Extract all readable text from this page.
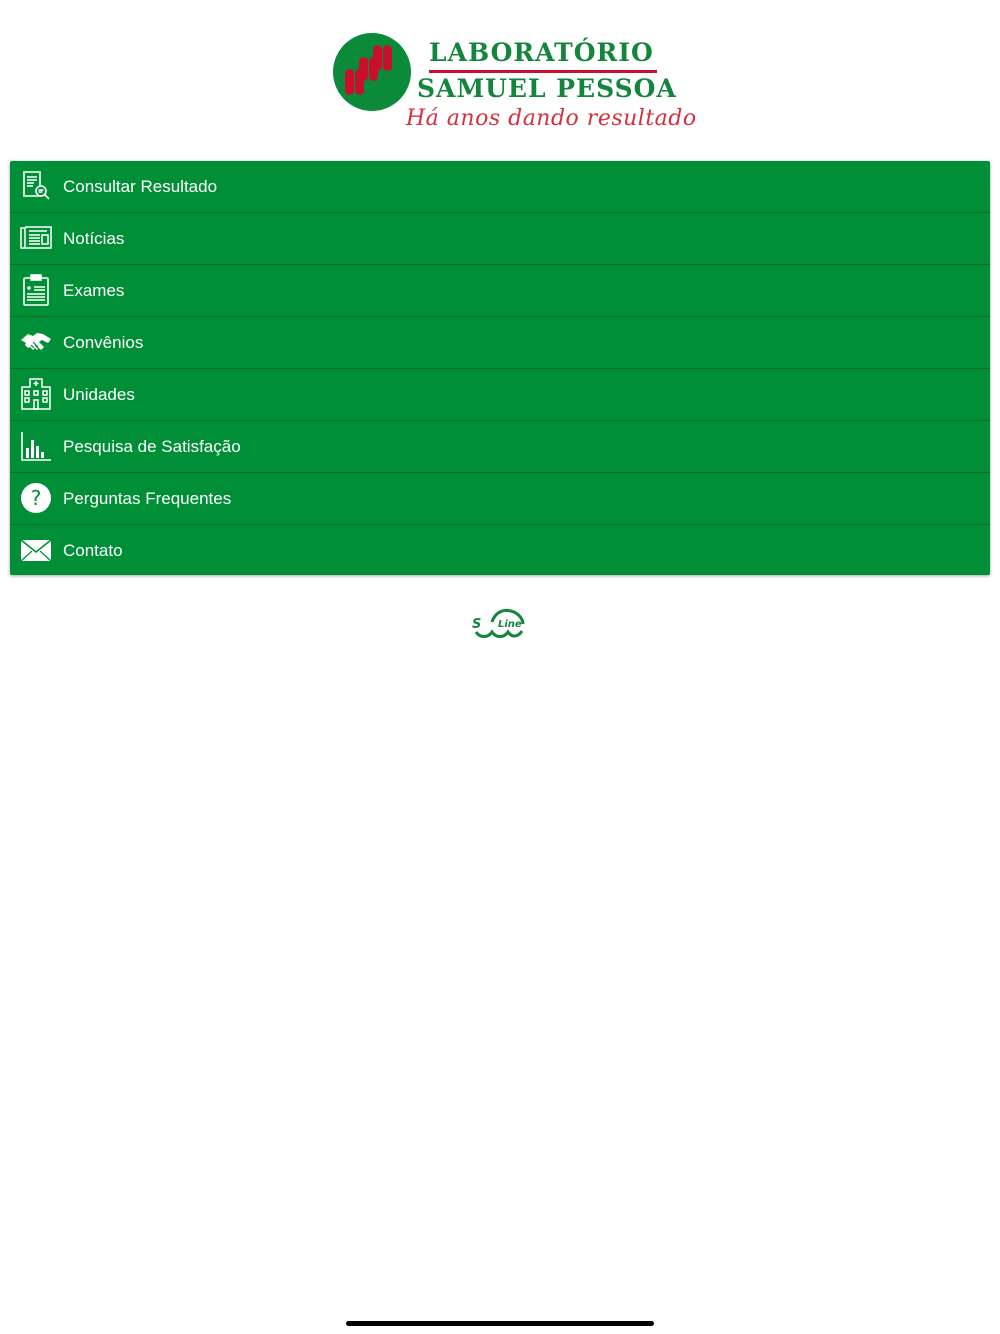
LABORATÓRIO
SAMUEL PESSOA
Há anos dando resultado
Consultar Resultado
Notícias
Exames
Convênios
Unidades
Pesquisa de Satisfação
? Perguntas Frequentes
Contato
S Line
